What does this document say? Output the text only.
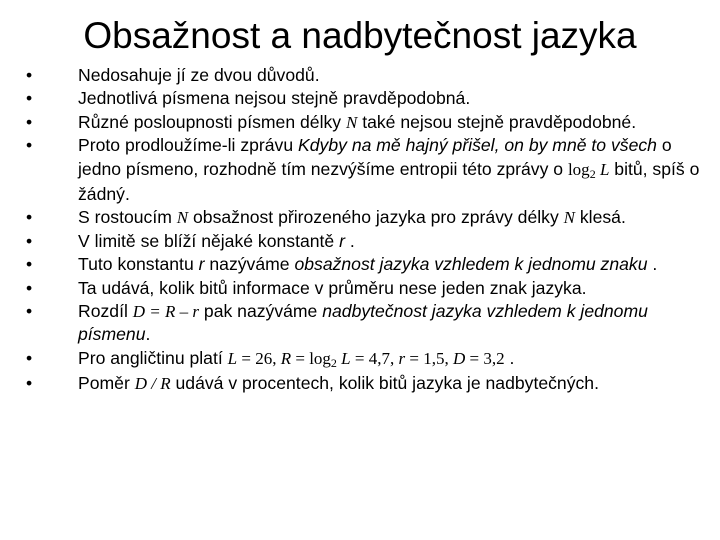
Obsažnost a nadbytečnost jazyka
• Nedosahuje jí ze dvou důvodů.
• Jednotlivá písmena nejsou stejně pravděpodobná.
• Různé posloupnosti písmen délky N také nejsou stejně pravděpodobné.
• Proto prodloužíme-li zprávu Kdyby na mě hajný přišel, on by mně to všech o jedno písmeno, rozhodně tím nezvýšíme entropii této zprávy o log2 L bitů, spíš o žádný.
• S rostoucím N obsažnost přirozeného jazyka pro zprávy délky N klesá.
• V limitě se blíží nějaké konstantě r .
• Tuto konstantu r nazýváme obsažnost jazyka vzhledem k jednomu znaku .
• Ta udává, kolik bitů informace v průměru nese jeden znak jazyka.
• Rozdíl D = R – r pak nazýváme nadbytečnost jazyka vzhledem k jednomu písmenu.
• Pro angličtinu platí L = 26, R = log2 L = 4,7, r = 1,5, D = 3,2 .
• Poměr D / R udává v procentech, kolik bitů jazyka je nadbytečných.
